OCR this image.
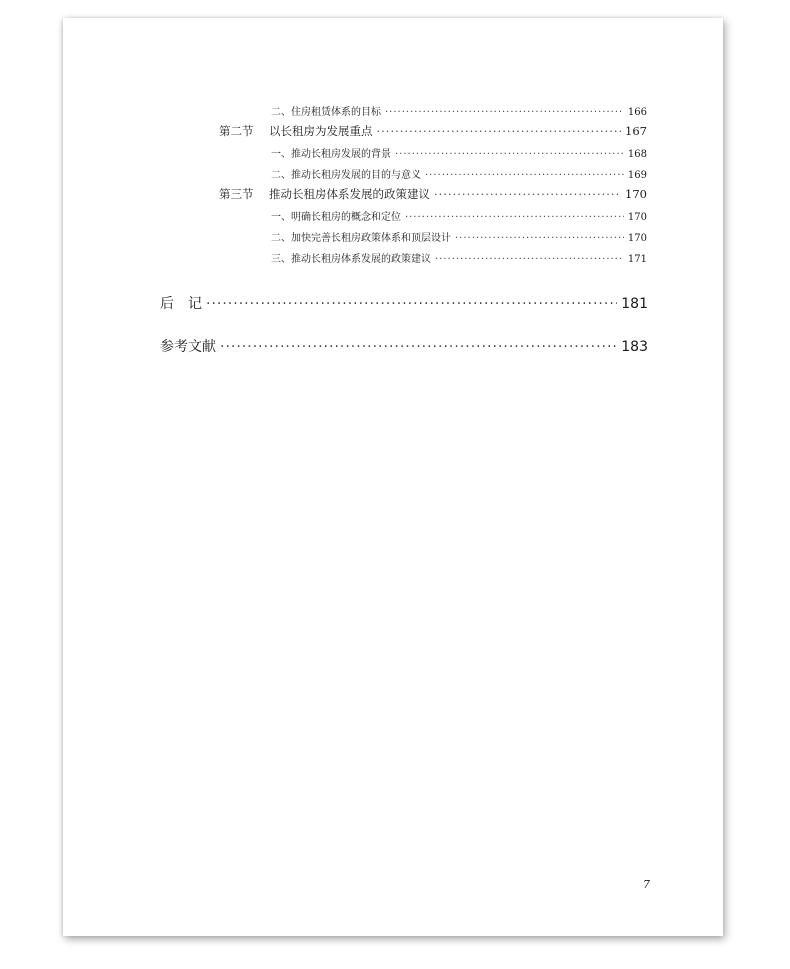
二、住房租赁体系的目标 ·····	166
第二节	以长租房为发展重点 ·····	167
一、推动长租房发展的背景 ·····	168
二、推动长租房发展的目的与意义 ·····	169
第三节	推动长租房体系发展的政策建议 ·····	170
一、明确长租房的概念和定位 ·····	170
二、加快完善长租房政策体系和顶层设计 ·····	170
三、推动长租房体系发展的政策建议 ·····	171
后　记 ·····	181
参考文献 ·····	183
7
